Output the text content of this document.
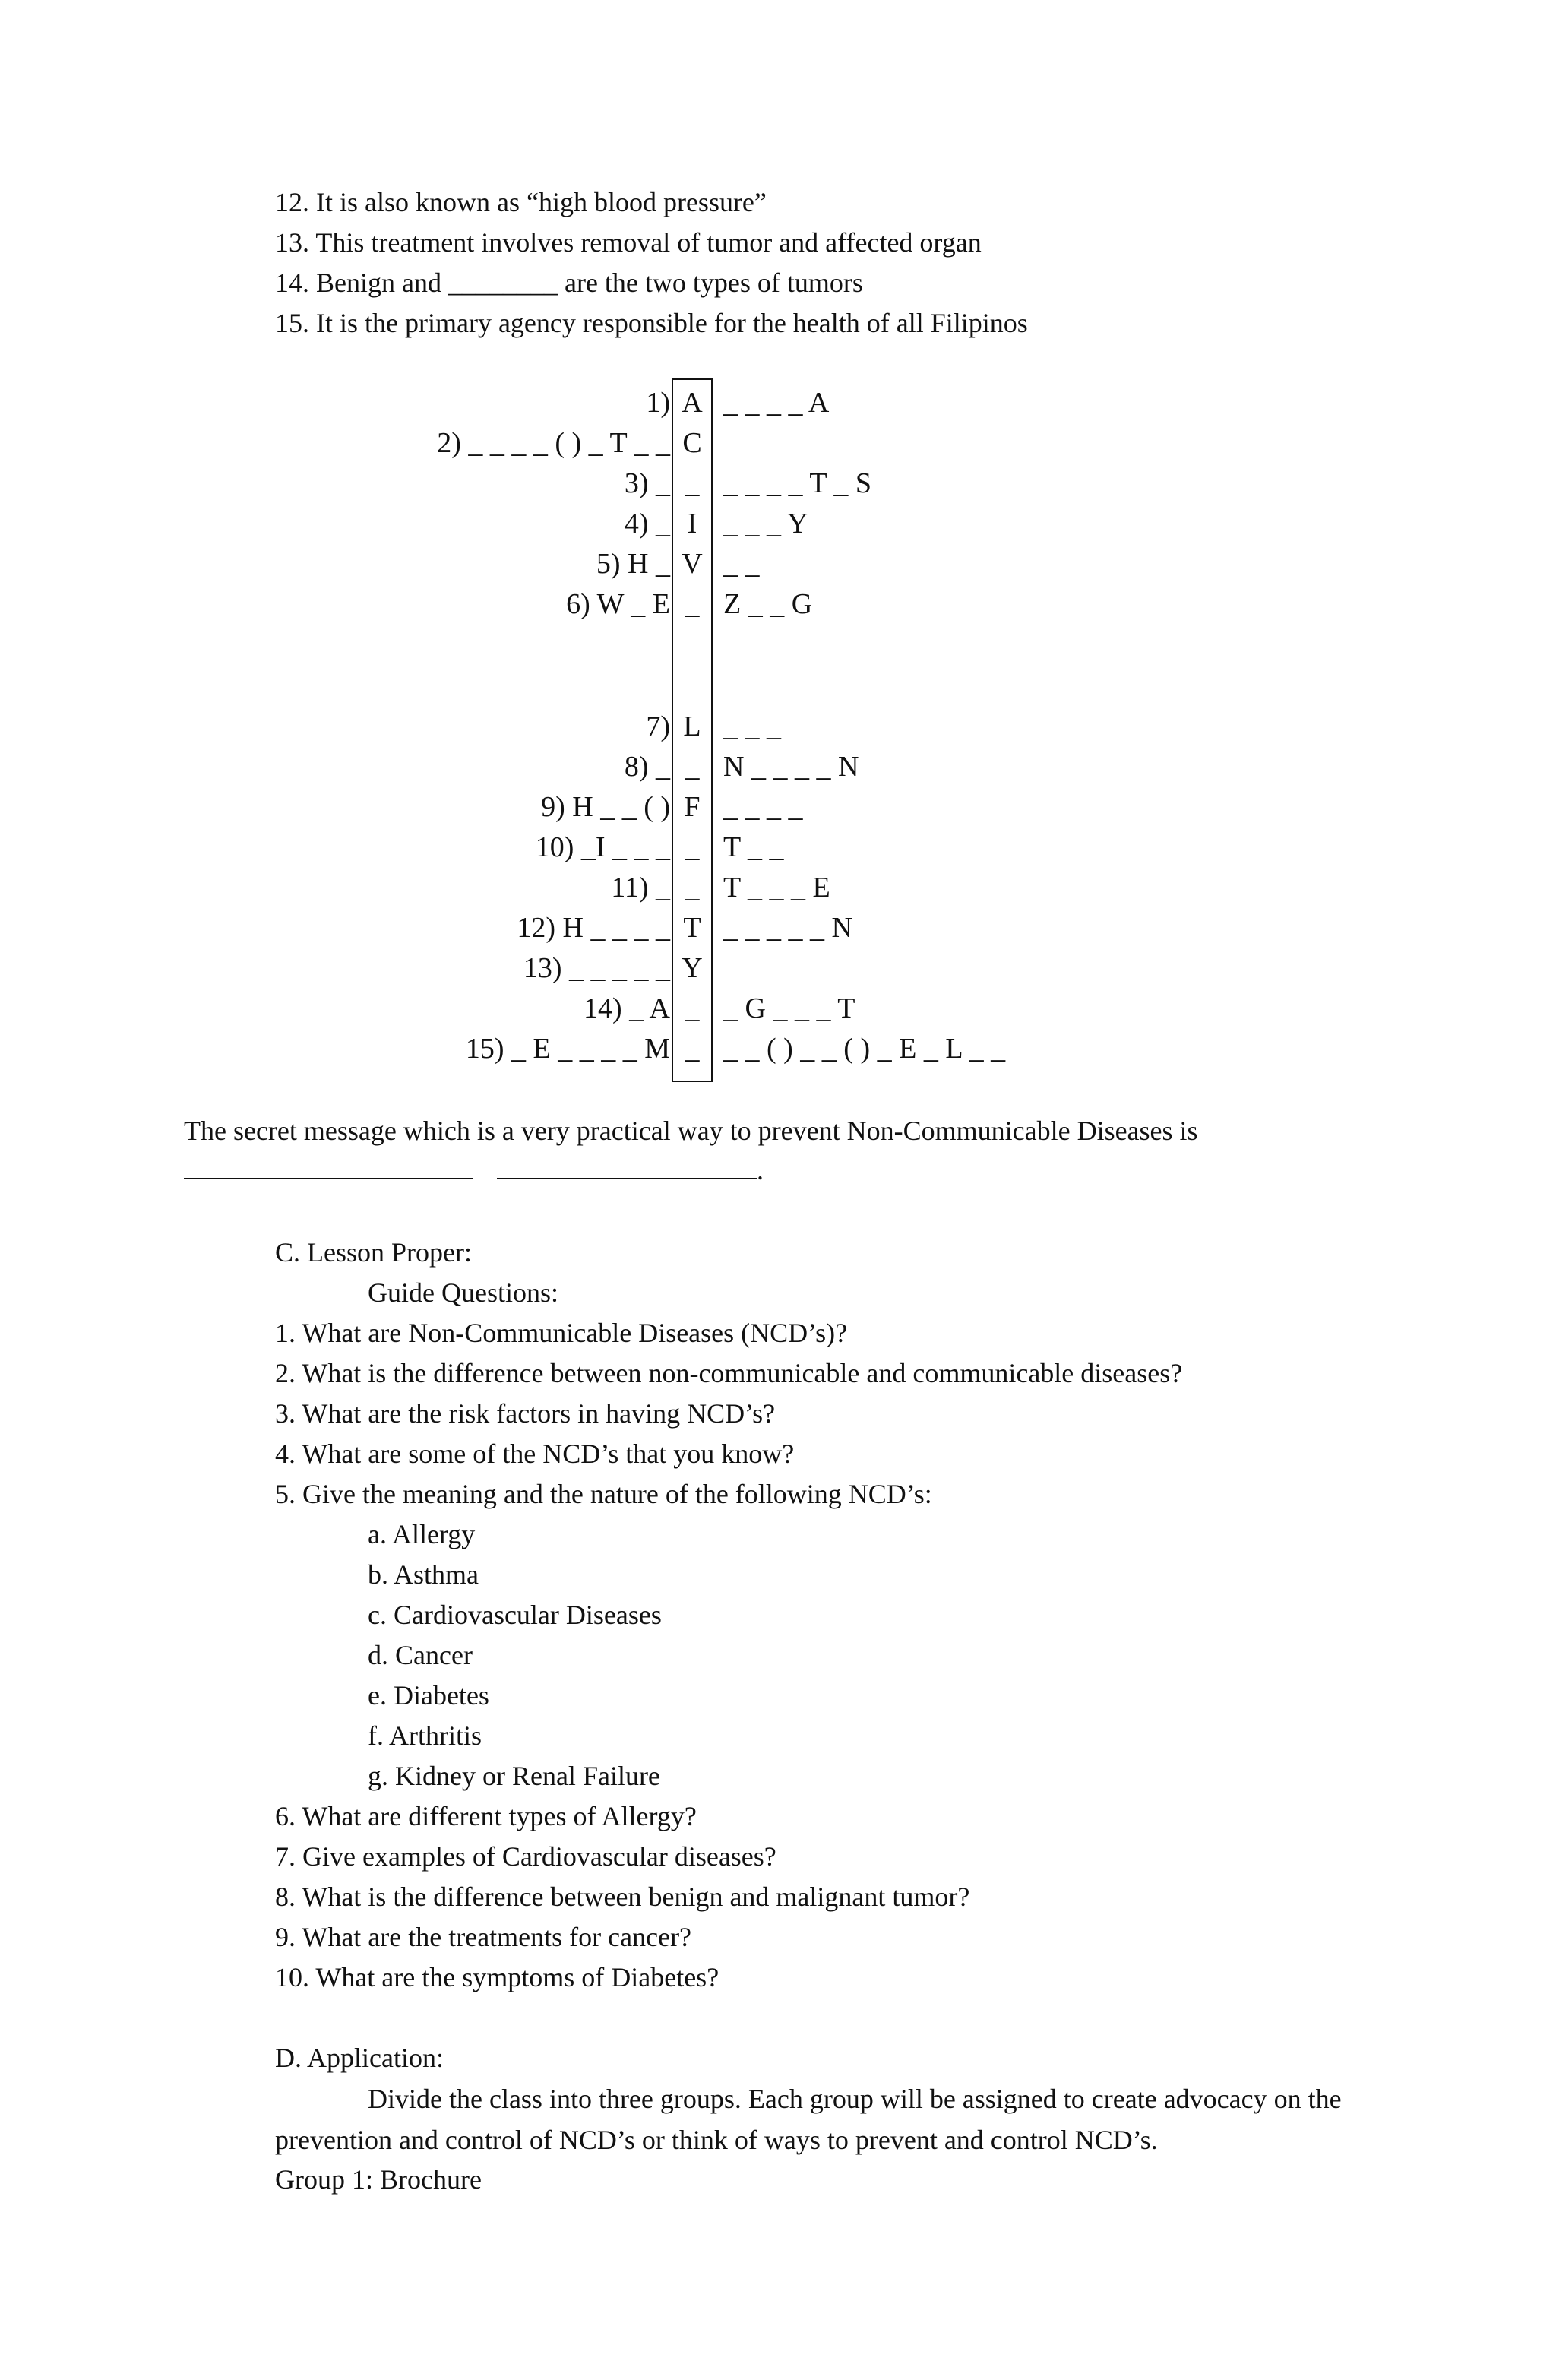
12. It is also known as “high blood pressure”
13. This treatment involves removal of tumor and affected organ
14. Benign and ________ are the two types of tumors
15. It is the primary agency responsible for the health of all Filipinos
1) A _ _ _ _ A
2) _ _ _ _ ( ) _ T _ _ C
3) _ _ _ _ _ _ T _ S
4) _ I _ _ _ Y
5) H _ V _ _
6) W _ E _ Z _ _ G
7) L _ _ _
8) _ _ N _ _ _ _ N
9) H _ _ ( ) F _ _ _ _
10) _I _ _ _ _ T _ _
11) _ _ T _ _ _ E
12) H _ _ _ _ T _ _ _ _ _ N
13) _ _ _ _ _ Y
14) _ A _ _ G _ _ _ T
15) _ E _ _ _ _ M _ _ _ ( ) _ _ ( ) _ E _ L _ _
The secret message which is a very practical way to prevent Non-Communicable Diseases is
.
C. Lesson Proper:
Guide Questions:
1. What are Non-Communicable Diseases (NCD’s)?
2. What is the difference between non-communicable and communicable diseases?
3. What are the risk factors in having NCD’s?
4. What are some of the NCD’s that you know?
5. Give the meaning and the nature of the following NCD’s:
a. Allergy
b. Asthma
c. Cardiovascular Diseases
d. Cancer
e. Diabetes
f. Arthritis
g. Kidney or Renal Failure
6. What are different types of Allergy?
7. Give examples of Cardiovascular diseases?
8. What is the difference between benign and malignant tumor?
9. What are the treatments for cancer?
10. What are the symptoms of Diabetes?
D. Application:
Divide the class into three groups. Each group will be assigned to create advocacy on the prevention and control of NCD’s or think of ways to prevent and control NCD’s.
Group 1: Brochure
